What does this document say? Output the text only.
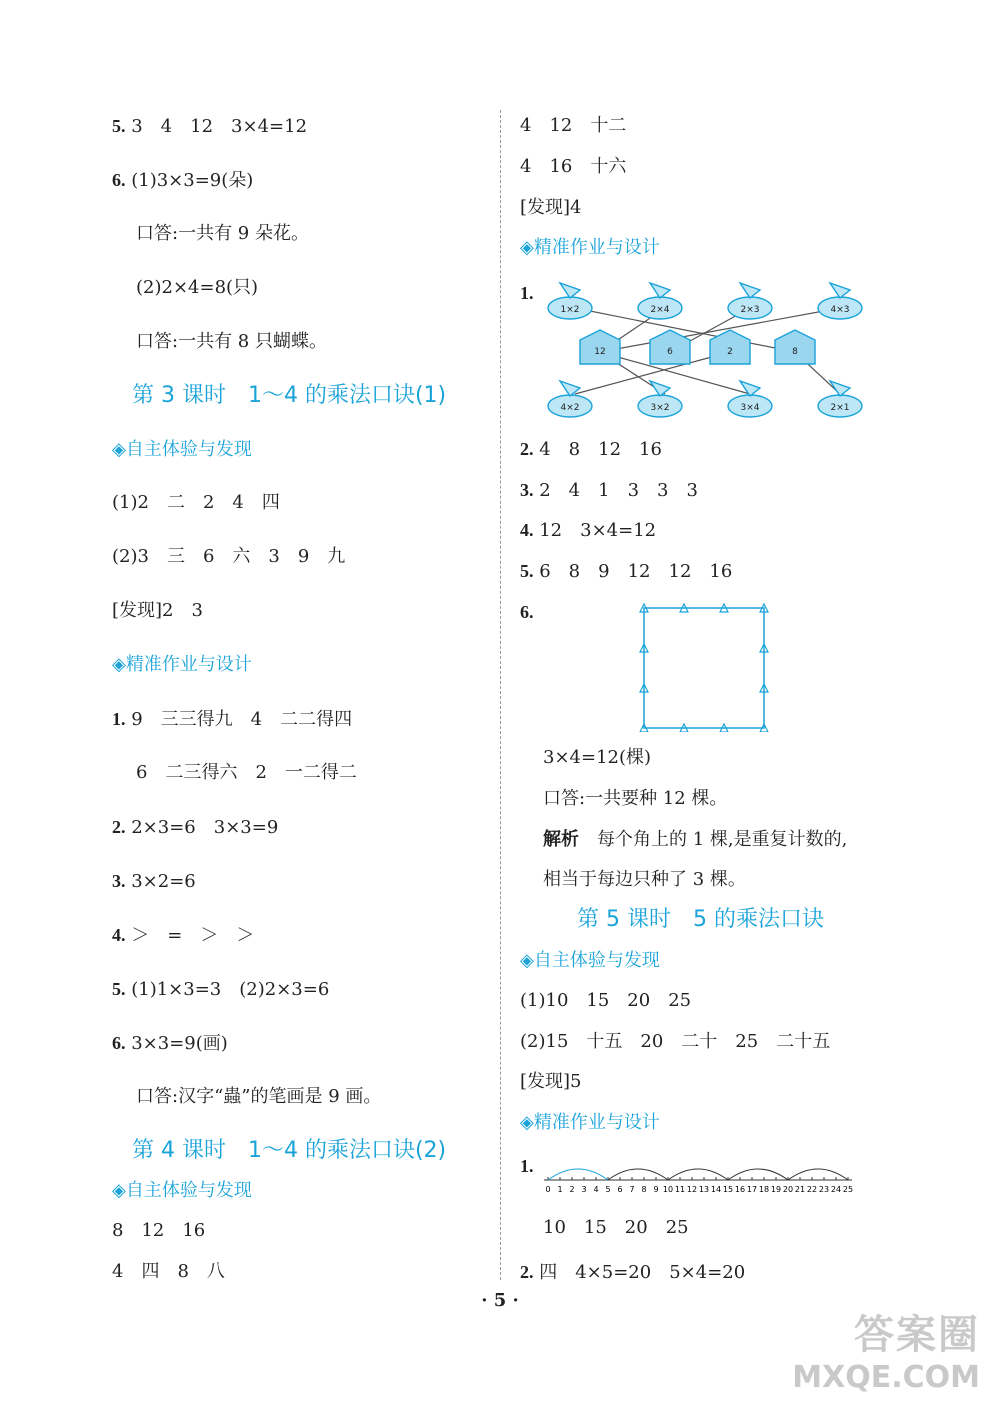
5. 3　4　12　3×4=12
6. (1)3×3=9(朵)
口答:一共有 9 朵花。
(2)2×4=8(只)
口答:一共有 8 只蝴蝶。
第 3 课时　1～4 的乘法口诀(1)
◈自主体验与发现
(1)2　二　2　4　四
(2)3　三　6　六　3　9　九
[发现]2　3
◈精准作业与设计
1. 9　三三得九　4　二二得四
6　二三得六　2　一二得二
2. 2×3=6　3×3=9
3. 3×2=6
4. ＞　=　＞　＞
5. (1)1×3=3　(2)2×3=6
6. 3×3=9(画)
口答:汉字“蟲”的笔画是 9 画。
第 4 课时　1～4 的乘法口诀(2)
◈自主体验与发现
8　12　16
4　四　8　八
4　12　十二
4　16　十六
[发现]4
◈精准作业与设计
1.
1×2	2×4	2×3	4×3
12	6	2	8
4×2	3×2	3×4	2×1
2. 4　8　12　16
3. 2　4　1　3　3　3
4. 12　3×4=12
5. 6　8　9　12　12　16
6.
3×4=12(棵)
口答:一共要种 12 棵。
解析　 每个角上的 1 棵,是重复计数的,
相当于每边只种了 3 棵。
第 5 课时　5 的乘法口诀
◈自主体验与发现
(1)10　15　20　25
(2)15　十五　20　二十　25　二十五
[发现]5
◈精准作业与设计
1.
0 1 2 3 4 5 6 7 8 9 10 11 12 13 14 15 16 17 18 19 20 21 22 23 24 25
10　15　20　25
2. 四　4×5=20　5×4=20
· 5 ·
答案圈
MXQE.COM
